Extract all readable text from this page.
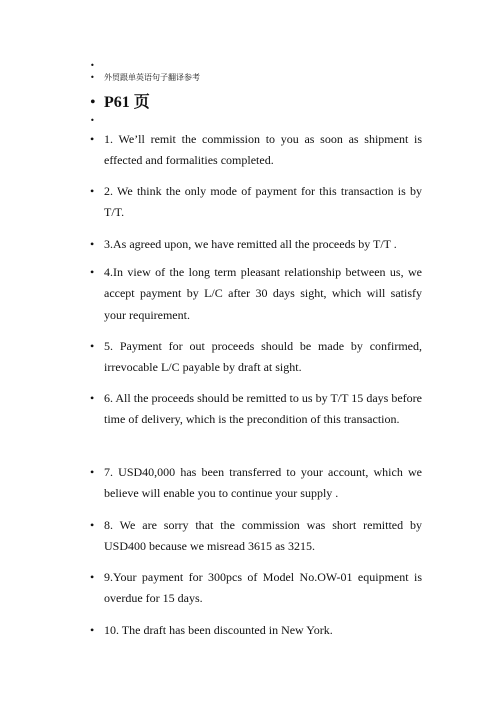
•
• 外贸跟单英语句子翻译参考
• P61 页
•
• 1. We’ll remit the commission to you as soon as shipment is effected and formalities completed.
• 2. We think the only mode of payment for this transaction is by T/T.
• 3.As agreed upon, we have remitted all the proceeds by T/T .
• 4.In view of the long term pleasant relationship between us, we accept payment by L/C after 30 days sight, which will satisfy your requirement.
• 5. Payment for out proceeds should be made by confirmed, irrevocable L/C payable by draft at sight.
• 6. All the proceeds should be remitted to us by T/T 15 days before time of delivery, which is the precondition of this transaction.
• 7. USD40,000 has been transferred to your account, which we believe will enable you to continue your supply .
• 8. We are sorry that the commission was short remitted by USD400 because we misread 3615 as 3215.
• 9.Your payment for 300pcs of Model No.OW-01 equipment is overdue for 15 days.
• 10. The draft has been discounted in New York.
